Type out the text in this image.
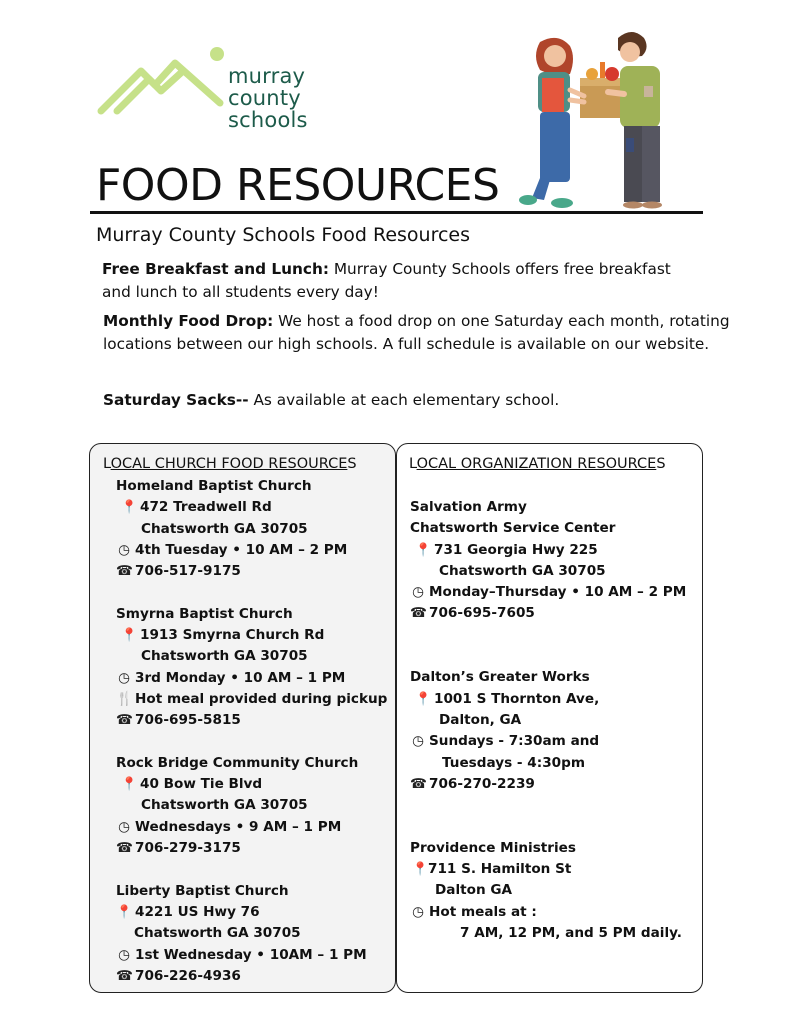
murray
county
schools
FOOD RESOURCES
Murray County Schools Food Resources
Free Breakfast and Lunch: Murray County Schools offers free breakfast and lunch to all students every day!
Monthly Food Drop: We host a food drop on one Saturday each month, rotating locations between our high schools. A full schedule is available on our website.
Saturday Sacks-- As available at each elementary school.
LOCAL CHURCH FOOD RESOURCES
Homeland Baptist Church
📍 472 Treadwell Rd
Chatsworth GA 30705
◷ 4th Tuesday • 10 AM – 2 PM
☎ 706-517-9175
Smyrna Baptist Church
📍 1913 Smyrna Church Rd
Chatsworth GA 30705
◷ 3rd Monday • 10 AM – 1 PM
🍴 Hot meal provided during pickup
☎ 706-695-5815
Rock Bridge Community Church
📍 40 Bow Tie Blvd
Chatsworth GA 30705
◷ Wednesdays • 9 AM – 1 PM
☎ 706-279-3175
Liberty Baptist Church
📍 4221 US Hwy 76
Chatsworth GA 30705
◷ 1st Wednesday • 10AM – 1 PM
☎ 706-226-4936
LOCAL ORGANIZATION RESOURCES
Salvation Army
Chatsworth Service Center
📍 731 Georgia Hwy 225
Chatsworth GA 30705
◷ Monday–Thursday • 10 AM – 2 PM
☎ 706-695-7605
Dalton’s Greater Works
📍 1001 S Thornton Ave,
Dalton, GA
◷ Sundays - 7:30am and
Tuesdays - 4:30pm
☎ 706-270-2239
Providence Ministries
📍711 S. Hamilton St
Dalton GA
◷ Hot meals at :
7 AM, 12 PM, and 5 PM daily.
